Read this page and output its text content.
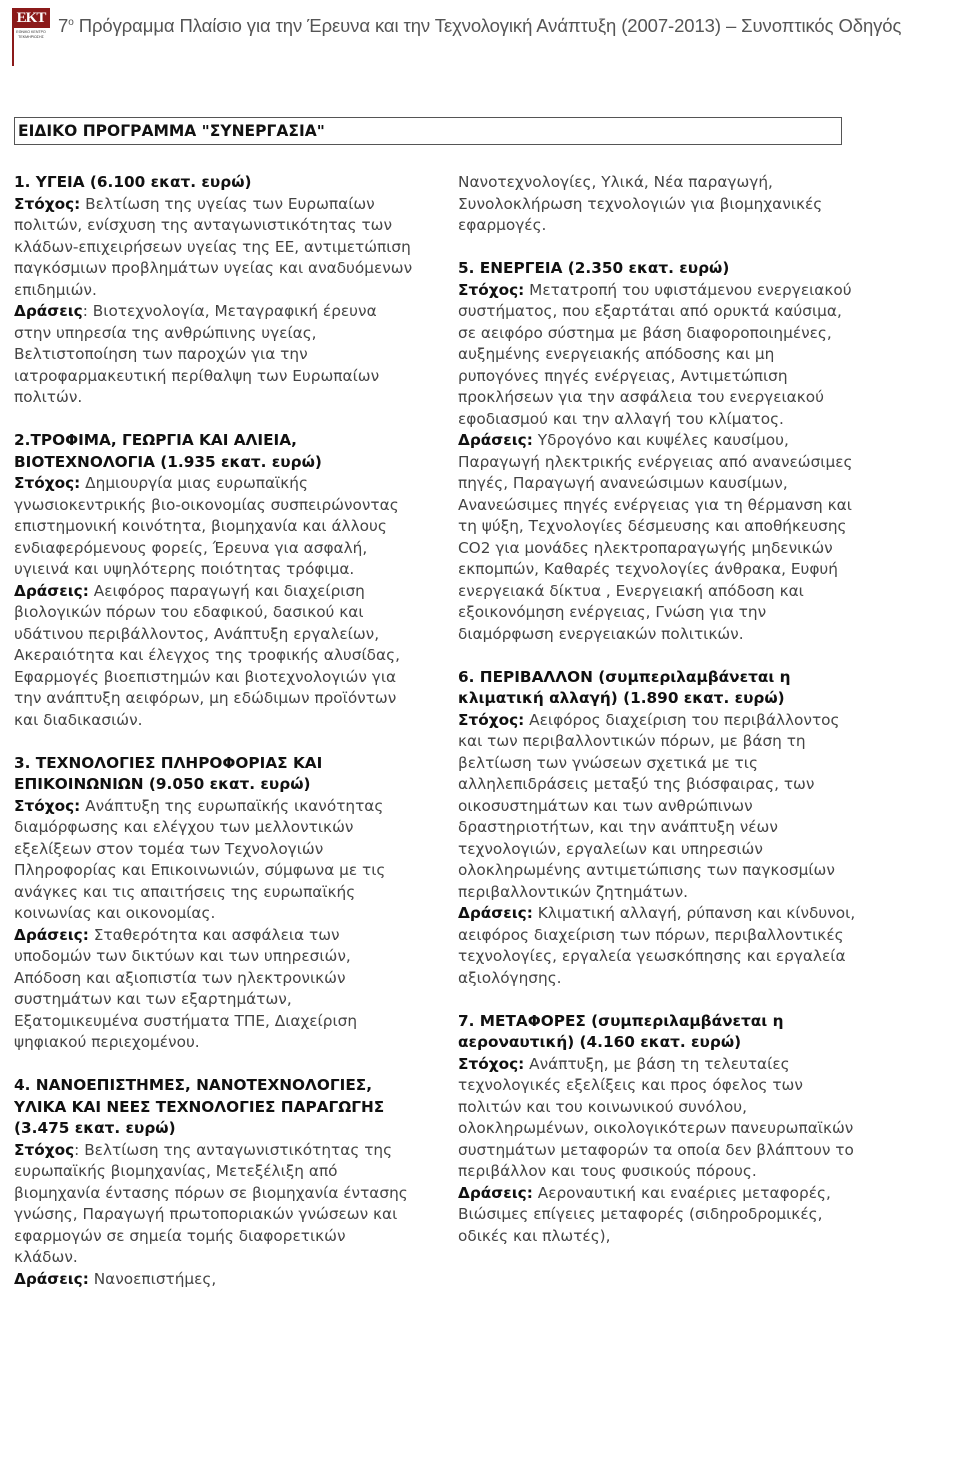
ΕΚΤ
ΕΘΝΙΚΟ ΚΕΝΤΡΟ ΤΕΚΜΗΡΙΩΣΗΣ
$7^o$ Πρόγραμμα Πλαίσιο για την Έρευνα και την Τεχνολογική Ανάπτυξη (2007-2013) – Συνοπτικός Οδηγός
ΕΙΔΙΚΟ ΠΡΟΓΡΑΜΜΑ "ΣΥΝΕΡΓΑΣΙΑ"

1. ΥΓΕΙΑ (6.100 εκατ. ευρώ)
Στόχος: Βελτίωση της υγείας των Ευρωπαίων πολιτών, ενίσχυση της ανταγωνιστικότητας των κλάδων-επιχειρήσεων υγείας της ΕΕ, αντιμετώπιση παγκόσμιων προβλημάτων υγείας και αναδυόμενων επιδημιών.
Δράσεις: Βιοτεχνολογία, Μεταγραφική έρευνα στην υπηρεσία της ανθρώπινης υγείας, Βελτιστοποίηση των παροχών για την ιατροφαρμακευτική περίθαλψη των Ευρωπαίων πολιτών.

2.ΤΡΟΦΙΜΑ, ΓΕΩΡΓΙΑ ΚΑΙ ΑΛΙΕΙΑ, ΒΙΟΤΕΧΝΟΛΟΓΙΑ (1.935 εκατ. ευρώ)
Στόχος: Δημιουργία μιας ευρωπαϊκής γνωσιοκεντρικής βιο-οικονομίας συσπειρώνοντας επιστημονική κοινότητα, βιομηχανία και άλλους ενδιαφερόμενους φορείς, Έρευνα για ασφαλή, υγιεινά και υψηλότερης ποιότητας τρόφιμα.
Δράσεις: Αειφόρος παραγωγή και διαχείριση βιολογικών πόρων του εδαφικού, δασικού και υδάτινου περιβάλλοντος, Ανάπτυξη εργαλείων, Ακεραιότητα και έλεγχος της τροφικής αλυσίδας, Εφαρμογές βιοεπιστημών και βιοτεχνολογιών για την ανάπτυξη αειφόρων, μη εδώδιμων προϊόντων και διαδικασιών.

3. ΤΕΧΝΟΛΟΓΙΕΣ ΠΛΗΡΟΦΟΡΙΑΣ ΚΑΙ ΕΠΙΚΟΙΝΩΝΙΩΝ (9.050 εκατ. ευρώ)
Στόχος: Ανάπτυξη της ευρωπαϊκής ικανότητας διαμόρφωσης και ελέγχου των μελλοντικών εξελίξεων στον τομέα των Τεχνολογιών Πληροφορίας και Επικοινωνιών, σύμφωνα με τις ανάγκες και τις απαιτήσεις της ευρωπαϊκής κοινωνίας και οικονομίας.
Δράσεις: Σταθερότητα και ασφάλεια των υποδομών των δικτύων και των υπηρεσιών, Απόδοση και αξιοπιστία των ηλεκτρονικών συστημάτων και των εξαρτημάτων, Εξατομικευμένα συστήματα ΤΠΕ, Διαχείριση ψηφιακού περιεχομένου.

4. ΝΑΝΟΕΠΙΣΤΗΜΕΣ, ΝΑΝΟΤΕΧΝΟΛΟΓΙΕΣ, ΥΛΙΚΑ ΚΑΙ ΝΕΕΣ ΤΕΧΝΟΛΟΓΙΕΣ ΠΑΡΑΓΩΓΗΣ (3.475 εκατ. ευρώ)
Στόχος: Βελτίωση της ανταγωνιστικότητας της ευρωπαϊκής βιομηχανίας, Μετεξέλιξη από βιομηχανία έντασης πόρων σε βιομηχανία έντασης γνώσης, Παραγωγή πρωτοποριακών γνώσεων και εφαρμογών σε σημεία τομής διαφορετικών κλάδων.
Δράσεις: Νανοεπιστήμες,

Νανοτεχνολογίες, Υλικά, Νέα παραγωγή, Συνολοκλήρωση τεχνολογιών για βιομηχανικές εφαρμογές.

5. ΕΝΕΡΓΕΙΑ (2.350 εκατ. ευρώ)
Στόχος: Μετατροπή του υφιστάμενου ενεργειακού συστήματος, που εξαρτάται από ορυκτά καύσιμα, σε αειφόρο σύστημα με βάση διαφοροποιημένες, αυξημένης ενεργειακής απόδοσης και μη ρυπογόνες πηγές ενέργειας, Αντιμετώπιση προκλήσεων για την ασφάλεια του ενεργειακού εφοδιασμού και την αλλαγή του κλίματος.
Δράσεις: Υδρογόνο και κυψέλες καυσίμου, Παραγωγή ηλεκτρικής ενέργειας από ανανεώσιμες πηγές, Παραγωγή ανανεώσιμων καυσίμων, Ανανεώσιμες πηγές ενέργειας για τη θέρμανση και τη ψύξη, Τεχνολογίες δέσμευσης και αποθήκευσης CO2 για μονάδες ηλεκτροπαραγωγής μηδενικών εκπομπών, Καθαρές τεχνολογίες άνθρακα, Ευφυή ενεργειακά δίκτυα , Ενεργειακή απόδοση και εξοικονόμηση ενέργειας, Γνώση για την διαμόρφωση ενεργειακών πολιτικών.

6. ΠΕΡΙΒΑΛΛΟΝ (συμπεριλαμβάνεται η κλιματική αλλαγή) (1.890 εκατ. ευρώ)
Στόχος: Αειφόρος διαχείριση του περιβάλλοντος και των περιβαλλοντικών πόρων, με βάση τη βελτίωση των γνώσεων σχετικά με τις αλληλεπιδράσεις μεταξύ της βιόσφαιρας, των οικοσυστημάτων και των ανθρώπινων δραστηριοτήτων, και την ανάπτυξη νέων τεχνολογιών, εργαλείων και υπηρεσιών ολοκληρωμένης αντιμετώπισης των παγκοσμίων περιβαλλοντικών ζητημάτων.
Δράσεις: Κλιματική αλλαγή, ρύπανση και κίνδυνοι, αειφόρος διαχείριση των πόρων, περιβαλλοντικές τεχνολογίες, εργαλεία γεωσκόπησης και εργαλεία αξιολόγησης.

7. ΜΕΤΑΦΟΡΕΣ (συμπεριλαμβάνεται η αεροναυτική) (4.160 εκατ. ευρώ)
Στόχος: Ανάπτυξη, με βάση τη τελευταίες τεχνολογικές εξελίξεις και προς όφελος των πολιτών και του κοινωνικού συνόλου, ολοκληρωμένων, οικολογικότερων πανευρωπαϊκών συστημάτων μεταφορών τα οποία δεν βλάπτουν το περιβάλλον και τους φυσικούς πόρους.
Δράσεις: Αεροναυτική και εναέριες μεταφορές, Βιώσιμες επίγειες μεταφορές (σιδηροδρομικές, οδικές και πλωτές),
